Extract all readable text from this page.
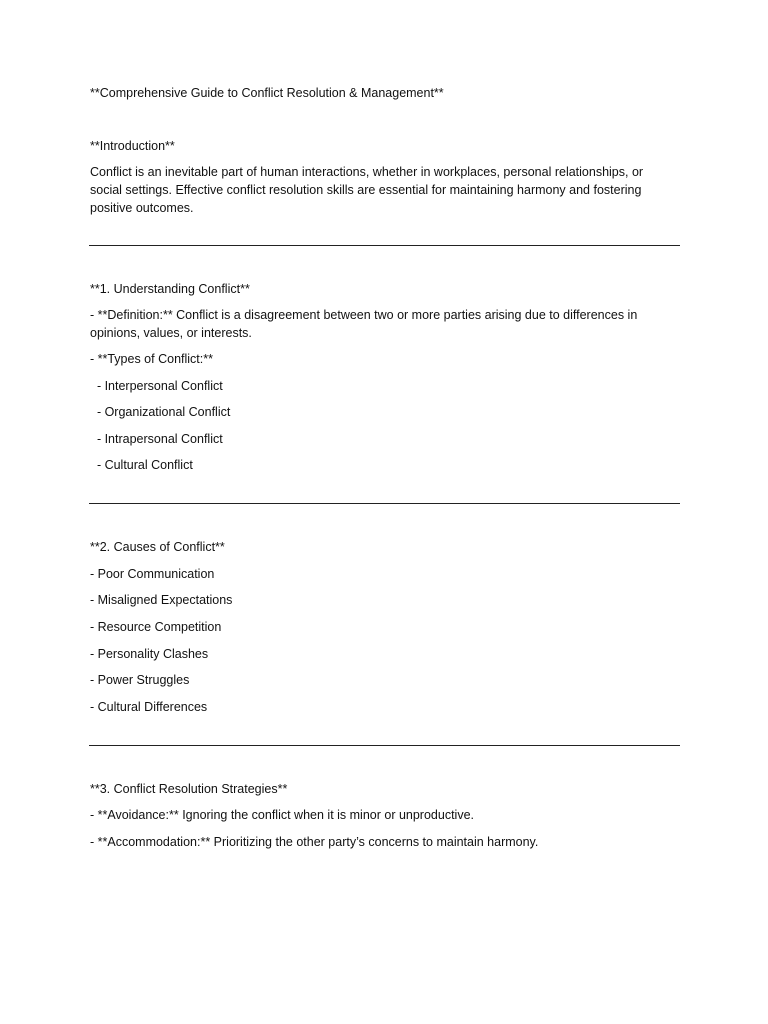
**Comprehensive Guide to Conflict Resolution & Management**
**Introduction**
Conflict is an inevitable part of human interactions, whether in workplaces, personal relationships, or
social settings. Effective conflict resolution skills are essential for maintaining harmony and fostering
positive outcomes.
**1. Understanding Conflict**
- **Definition:** Conflict is a disagreement between two or more parties arising due to differences in
opinions, values, or interests.
- **Types of Conflict:**
- Interpersonal Conflict
- Organizational Conflict
- Intrapersonal Conflict
- Cultural Conflict
**2. Causes of Conflict**
- Poor Communication
- Misaligned Expectations
- Resource Competition
- Personality Clashes
- Power Struggles
- Cultural Differences
**3. Conflict Resolution Strategies**
- **Avoidance:** Ignoring the conflict when it is minor or unproductive.
- **Accommodation:** Prioritizing the other party’s concerns to maintain harmony.
